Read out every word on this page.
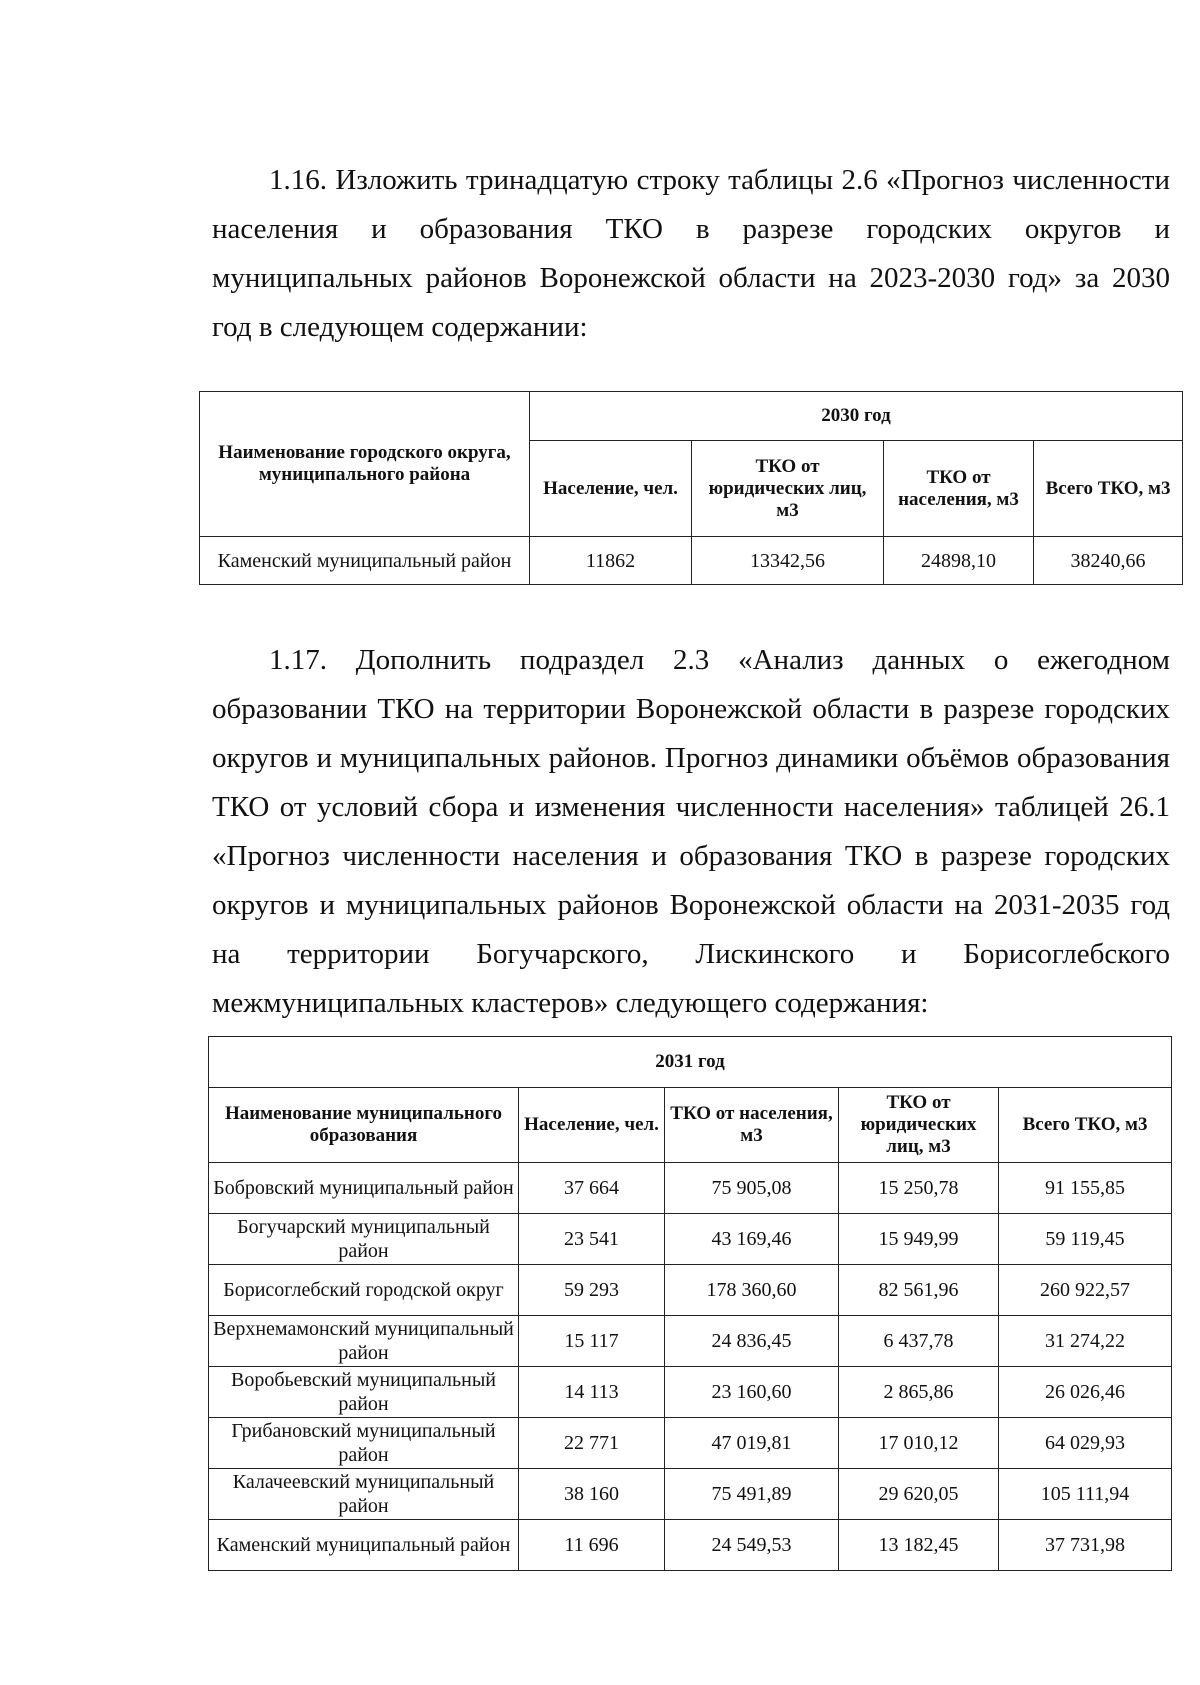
1.16. Изложить тринадцатую строку таблицы 2.6 «Прогноз численности населения и образования ТКО в разрезе городских округов и муниципальных районов Воронежской области на 2023-2030 год» за 2030 год в следующем содержании:

Наименование городского округа, муниципального района	2030 год			
	Население, чел.	ТКО от юридических лиц, м3	ТКО от населения, м3	Всего ТКО, м3
Каменский муниципальный район	11862	13342,56	24898,10	38240,66

1.17. Дополнить подраздел 2.3 «Анализ данных о ежегодном образовании ТКО на территории Воронежской области в разрезе городских округов и муниципальных районов. Прогноз динамики объёмов образования ТКО от условий сбора и изменения численности населения» таблицей 26.1 «Прогноз численности населения и образования ТКО в разрезе городских округов и муниципальных районов Воронежской области на 2031-2035 год на территории Богучарского, Лискинского и Борисоглебского межмуниципальных кластеров» следующего содержания:

2031 год				
Наименование муниципального образования	Население, чел.	ТКО от населения, м3	ТКО от юридических лиц, м3	Всего ТКО, м3
Бобровский муниципальный район	37 664	75 905,08	15 250,78	91 155,85
Богучарский муниципальный район	23 541	43 169,46	15 949,99	59 119,45
Борисоглебский городской округ	59 293	178 360,60	82 561,96	260 922,57
Верхнемамонский муниципальный район	15 117	24 836,45	6 437,78	31 274,22
Воробьевский муниципальный район	14 113	23 160,60	2 865,86	26 026,46
Грибановский муниципальный район	22 771	47 019,81	17 010,12	64 029,93
Калачеевский муниципальный район	38 160	75 491,89	29 620,05	105 111,94
Каменский муниципальный район	11 696	24 549,53	13 182,45	37 731,98
